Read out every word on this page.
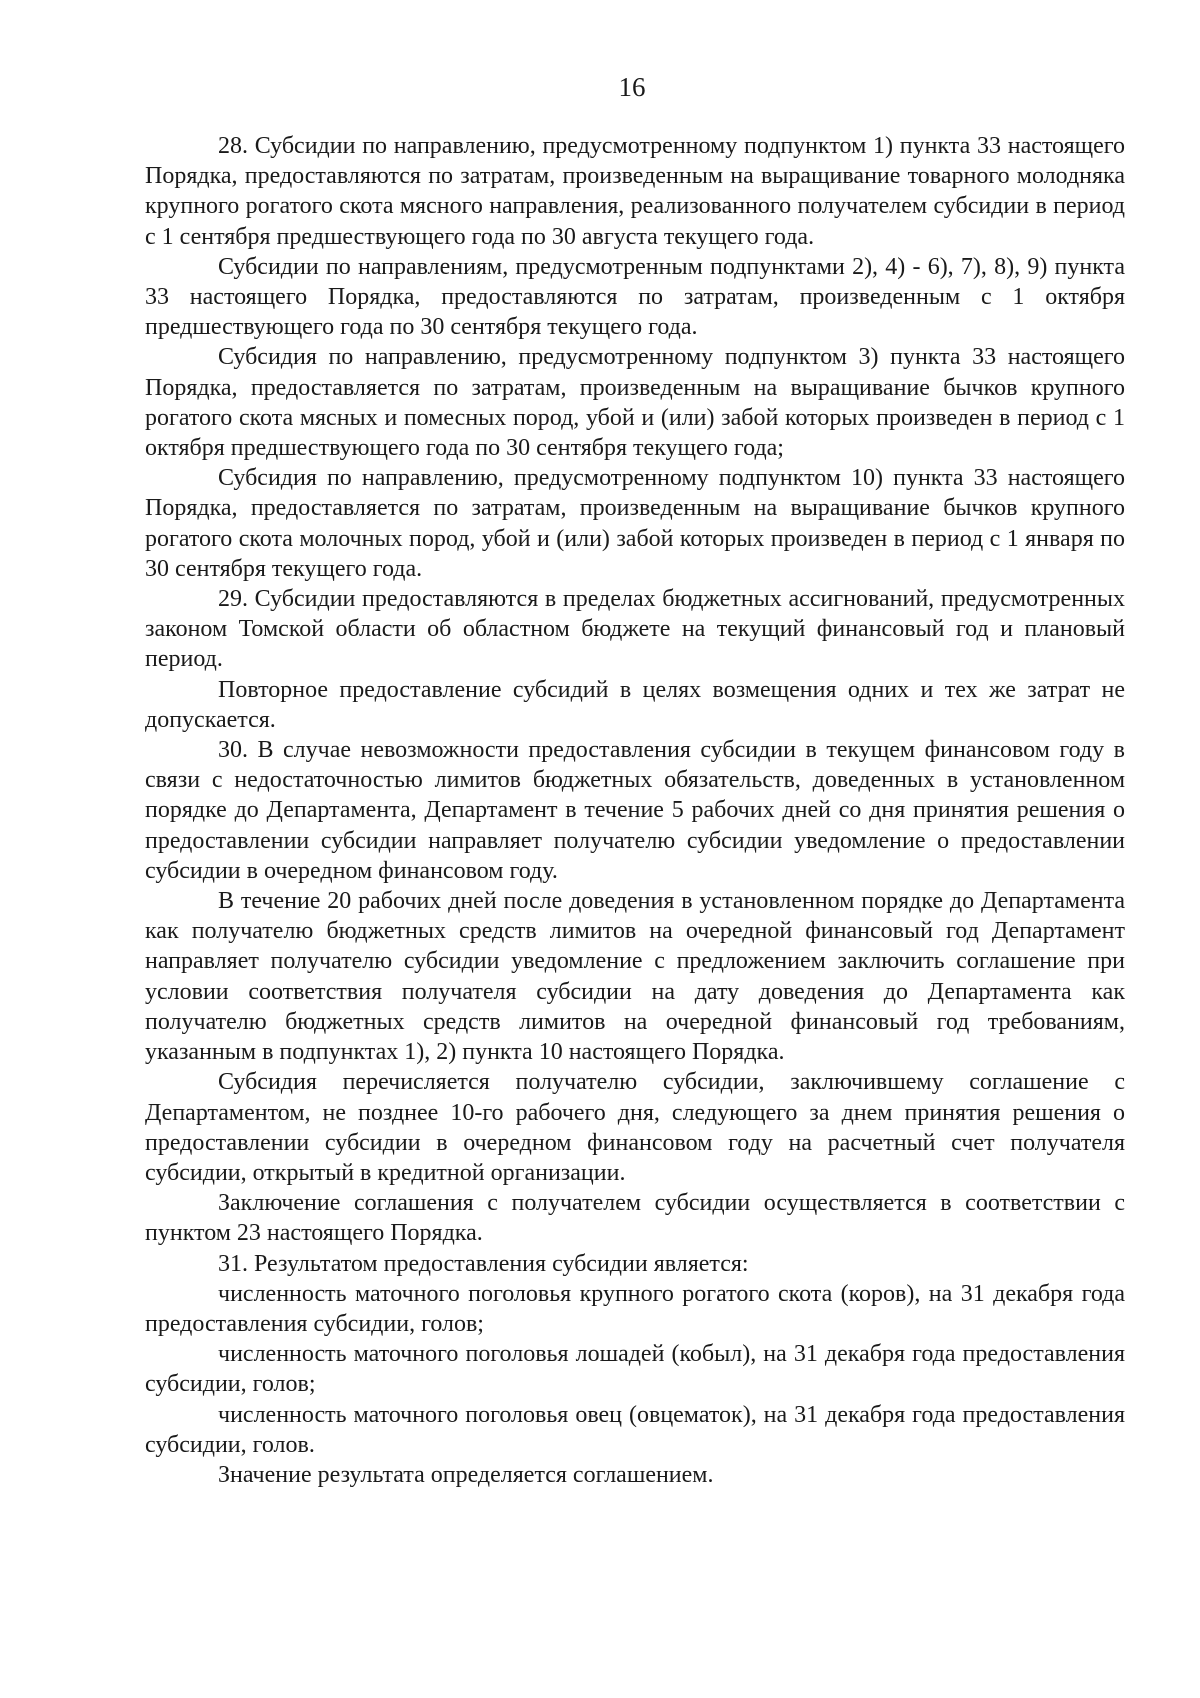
16

28. Субсидии по направлению, предусмотренному подпунктом 1) пункта 33 настоящего Порядка, предоставляются по затратам, произведенным на выращивание товарного молодняка крупного рогатого скота мясного направления, реализованного получателем субсидии в период с 1 сентября предшествующего года по 30 августа текущего года.

Субсидии по направлениям, предусмотренным подпунктами 2), 4) - 6), 7), 8), 9) пункта 33 настоящего Порядка, предоставляются по затратам, произведенным с 1 октября предшествующего года по 30 сентября текущего года.

Субсидия по направлению, предусмотренному подпунктом 3) пункта 33 настоящего Порядка, предоставляется по затратам, произведенным на выращивание бычков крупного рогатого скота мясных и помесных пород, убой и (или) забой которых произведен в период с 1 октября предшествующего года по 30 сентября текущего года;

Субсидия по направлению, предусмотренному подпунктом 10) пункта 33 настоящего Порядка, предоставляется по затратам, произведенным на выращивание бычков крупного рогатого скота молочных пород, убой и (или) забой которых произведен в период с 1 января по 30 сентября текущего года.

29. Субсидии предоставляются в пределах бюджетных ассигнований, предусмотренных законом Томской области об областном бюджете на текущий финансовый год и плановый период.

Повторное предоставление субсидий в целях возмещения одних и тех же затрат не допускается.

30. В случае невозможности предоставления субсидии в текущем финансовом году в связи с недостаточностью лимитов бюджетных обязательств, доведенных в установленном порядке до Департамента, Департамент в течение 5 рабочих дней со дня принятия решения о предоставлении субсидии направляет получателю субсидии уведомление о предоставлении субсидии в очередном финансовом году.

В течение 20 рабочих дней после доведения в установленном порядке до Департамента как получателю бюджетных средств лимитов на очередной финансовый год Департамент направляет получателю субсидии уведомление с предложением заключить соглашение при условии соответствия получателя субсидии на дату доведения до Департамента как получателю бюджетных средств лимитов на очередной финансовый год требованиям, указанным в подпунктах 1), 2) пункта 10 настоящего Порядка.

Субсидия перечисляется получателю субсидии, заключившему соглашение с Департаментом, не позднее 10-го рабочего дня, следующего за днем принятия решения о предоставлении субсидии в очередном финансовом году на расчетный счет получателя субсидии, открытый в кредитной организации.

Заключение соглашения с получателем субсидии осуществляется в соответствии с пунктом 23 настоящего Порядка.

31. Результатом предоставления субсидии является:

численность маточного поголовья крупного рогатого скота (коров), на 31 декабря года предоставления субсидии, голов;

численность маточного поголовья лошадей (кобыл), на 31 декабря года предоставления субсидии, голов;

численность маточного поголовья овец (овцематок), на 31 декабря года предоставления субсидии, голов.

Значение результата определяется соглашением.
